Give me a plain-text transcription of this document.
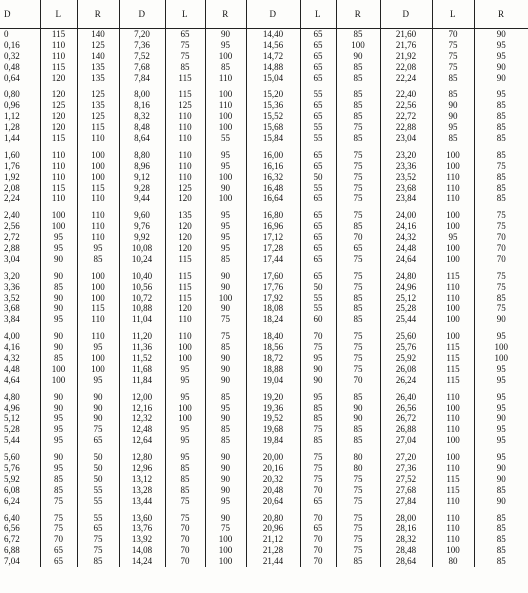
D	L	R	D	L	R	D	L	R	D	L	R
0	115	140	7,20	65	90	14,40	65	85	21,60	70	90
0,16	110	125	7,36	75	95	14,56	65	100	21,76	75	95
0,32	110	140	7,52	75	100	14,72	65	90	21,92	75	95
0,48	115	135	7,68	85	85	14,88	65	85	22,08	75	90
0,64	120	135	7,84	115	110	15,04	65	85	22,24	85	90

0,80	120	125	8,00	115	100	15,20	55	85	22,40	85	95
0,96	125	135	8,16	125	110	15,36	65	85	22,56	90	85
1,12	120	125	8,32	110	100	15,52	65	85	22,72	90	85
1,28	120	115	8,48	110	100	15,68	55	75	22,88	95	85
1,44	115	110	8,64	110	55	15,84	55	85	23,04	85	85

1,60	110	100	8,80	110	95	16,00	65	75	23,20	100	85
1,76	110	100	8,96	110	95	16,16	65	75	23,36	100	75
1,92	110	100	9,12	110	100	16,32	50	75	23,52	110	85
2,08	115	115	9,28	125	90	16,48	55	75	23,68	110	85
2,24	110	110	9,44	120	100	16,64	65	75	23,84	110	85

2,40	100	110	9,60	135	95	16,80	65	75	24,00	100	75
2,56	100	110	9,76	120	95	16,96	65	85	24,16	100	75
2,72	95	110	9,92	120	95	17,12	65	70	24,32	95	70
2,88	95	95	10,08	120	95	17,28	65	65	24,48	100	70
3,04	90	85	10,24	115	85	17,44	65	75	24,64	100	70

3,20	90	100	10,40	115	90	17,60	65	75	24,80	115	75
3,36	85	100	10,56	115	90	17,76	50	75	24,96	110	75
3,52	90	100	10,72	115	100	17,92	55	85	25,12	110	85
3,68	90	115	10,88	120	90	18,08	55	85	25,28	100	75
3,84	95	110	11,04	110	75	18,24	60	85	25,44	100	90

4,00	90	110	11,20	110	75	18,40	70	75	25,60	100	95
4,16	90	95	11,36	100	85	18,56	75	75	25,76	115	100
4,32	85	100	11,52	100	90	18,72	95	75	25,92	115	100
4,48	100	100	11,68	95	90	18,88	90	75	26,08	115	95
4,64	100	95	11,84	95	90	19,04	90	70	26,24	115	95

4,80	90	90	12,00	95	85	19,20	95	85	26,40	110	95
4,96	90	90	12,16	100	95	19,36	85	90	26,56	100	95
5,12	95	90	12,32	100	90	19,52	85	90	26,72	110	90
5,28	95	75	12,48	95	85	19,68	75	85	26,88	110	95
5,44	95	65	12,64	95	85	19,84	85	85	27,04	100	95

5,60	90	50	12,80	95	90	20,00	75	80	27,20	100	95
5,76	95	50	12,96	85	90	20,16	75	80	27,36	110	90
5,92	85	50	13,12	85	90	20,32	75	75	27,52	115	90
6,08	85	55	13,28	85	90	20,48	70	75	27,68	115	85
6,24	75	55	13,44	75	95	20,64	65	75	27,84	110	90

6,40	75	55	13,60	75	90	20,80	70	75	28,00	110	85
6,56	75	65	13,76	70	75	20,96	65	75	28,16	110	85
6,72	70	75	13,92	70	100	21,12	70	75	28,32	110	85
6,88	65	75	14,08	70	100	21,28	70	75	28,48	100	85
7,04	65	85	14,24	70	100	21,44	70	85	28,64	80	85
